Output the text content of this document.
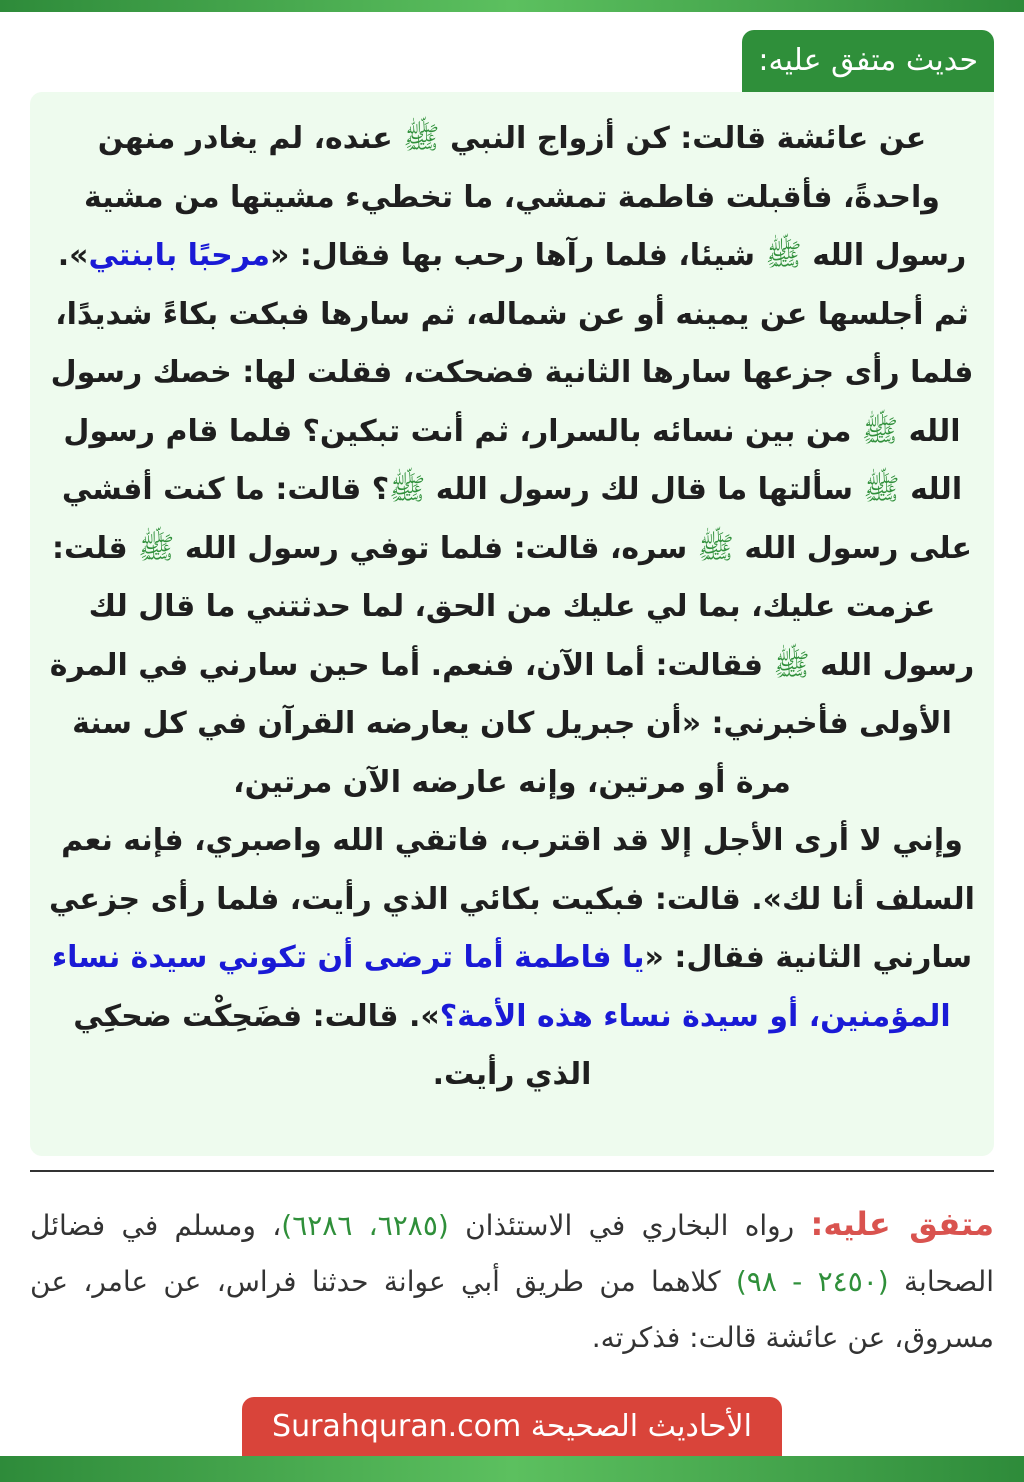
حديث متفق عليه:

عن عائشة قالت: كن أزواج النبي ﷺ عنده، لم يغادر منهن واحدةً، فأقبلت فاطمة تمشي، ما تخطيء مشيتها من مشية رسول الله ﷺ شيئا، فلما رآها رحب بها فقال: «مرحبًا بابنتي». ثم أجلسها عن يمينه أو عن شماله، ثم سارها فبكت بكاءً شديدًا، فلما رأى جزعها سارها الثانية فضحكت، فقلت لها: خصك رسول الله ﷺ من بين نسائه بالسرار، ثم أنت تبكين؟ فلما قام رسول الله ﷺ سألتها ما قال لك رسول الله ﷺ؟ قالت: ما كنت أفشي على رسول الله ﷺ سره، قالت: فلما توفي رسول الله ﷺ قلت: عزمت عليك، بما لي عليك من الحق، لما حدثتني ما قال لك رسول الله ﷺ فقالت: أما الآن، فنعم. أما حين سارني في المرة الأولى فأخبرني: «أن جبريل كان يعارضه القرآن في كل سنة مرة أو مرتين، وإنه عارضه الآن مرتين،
وإني لا أرى الأجل إلا قد اقترب، فاتقي الله واصبري، فإنه نعم السلف أنا لك». قالت: فبكيت بكائي الذي رأيت، فلما رأى جزعي سارني الثانية فقال: «يا فاطمة أما ترضى أن تكوني سيدة نساء المؤمنين، أو سيدة نساء هذه الأمة؟». قالت: فضَحِكْت ضحكِي الذي رأيت.

متفق عليه: رواه البخاري في الاستئذان (٦٢٨٥، ٦٢٨٦)، ومسلم في فضائل الصحابة (٢٤٥٠ - ٩٨) كلاهما من طريق أبي عوانة حدثنا فراس، عن عامر، عن مسروق، عن عائشة قالت: فذكرته.

الأحاديث الصحيحة Surahquran.com
